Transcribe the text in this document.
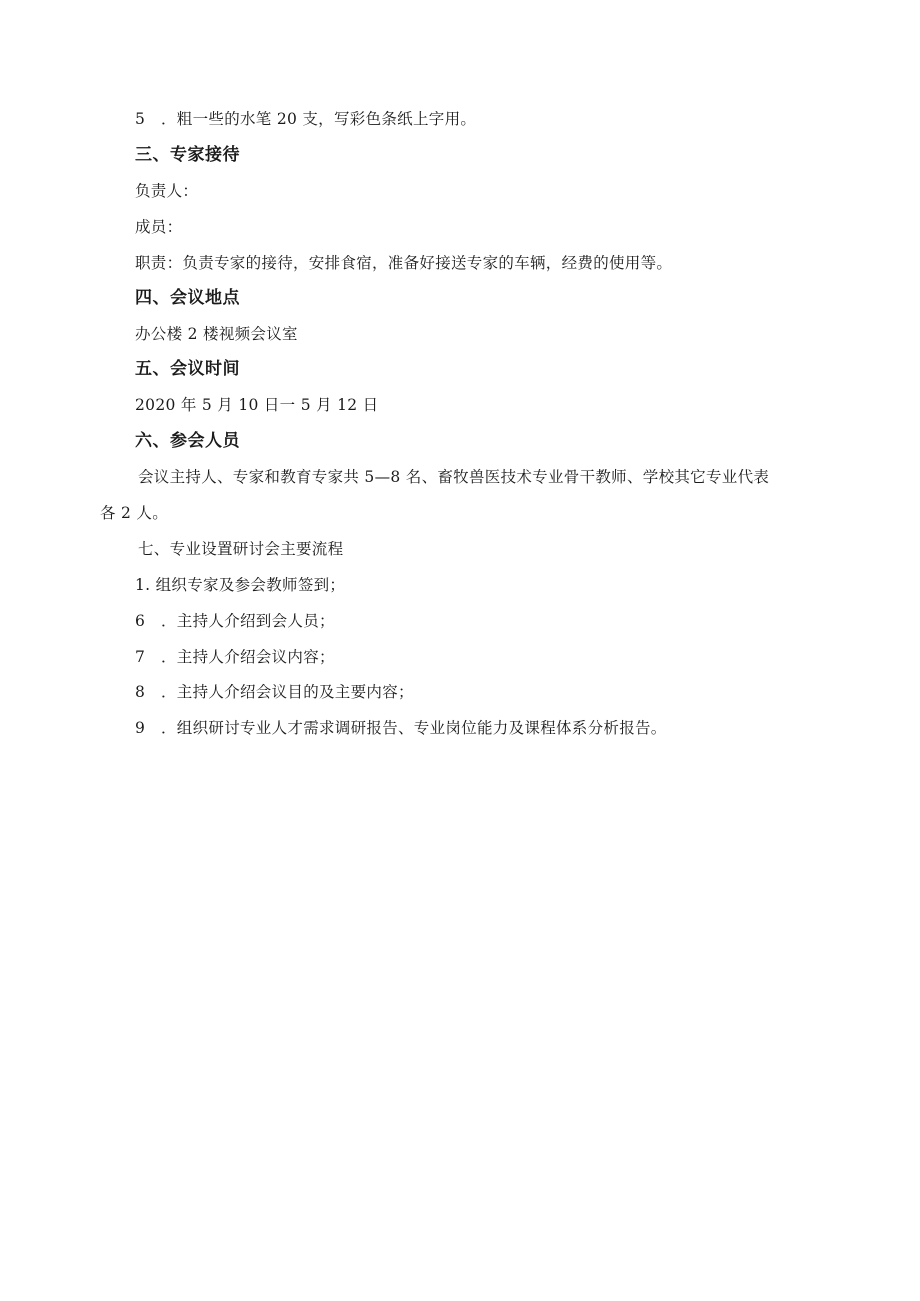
5 ．粗一些的水笔 20 支，写彩色条纸上字用。
三、专家接待
负责人：
成员：
职责：负责专家的接待，安排食宿，准备好接送专家的车辆，经费的使用等。
四、会议地点
办公楼 2 楼视频会议室
五、会议时间
2020 年 5 月 10 日一 5 月 12 日
六、参会人员
会议主持人、专家和教育专家共 5—8 名、畜牧兽医技术专业骨干教师、学校其它专业代表
各 2 人。
七、专业设置研讨会主要流程
1. 组织专家及参会教师签到；
6 ．主持人介绍到会人员；
7 ．主持人介绍会议内容；
8 ．主持人介绍会议目的及主要内容；
9 ．组织研讨专业人才需求调研报告、专业岗位能力及课程体系分析报告。
